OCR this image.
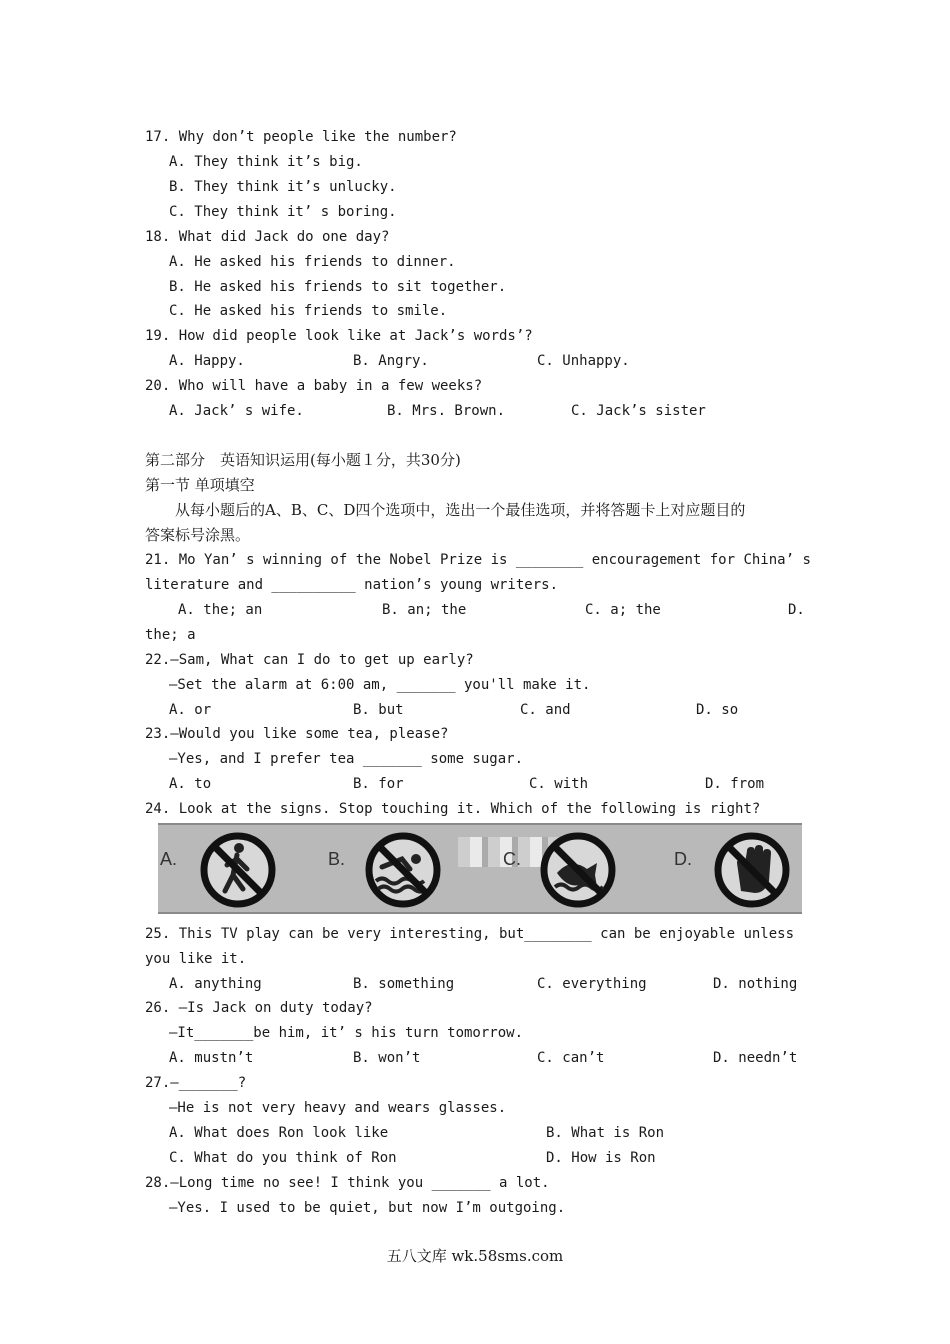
17. Why don’t people like the number?
A. They think it’s big.
B. They think it’s unlucky.
C. They think it’ s boring.
18. What did Jack do one day?
A. He asked his friends to dinner.
B. He asked his friends to sit together.
C. He asked his friends to smile.
19. How did people look like at Jack’s words’?
A. Happy.	B. Angry.	C. Unhappy.
20. Who will have a baby in a few weeks?
A. Jack’ s wife.	B. Mrs. Brown.	C. Jack’s sister
第二部分　英语知识运用(每小题１分，共30分)
第一节 单项填空
　　从每小题后的A、B、C、D四个选项中，选出一个最佳选项，并将答题卡上对应题目的
答案标号涂黑。
21. Mo Yan’ s winning of the Nobel Prize is ________ encouragement for China’ s
literature and __________ nation’s young writers.
A. the; an	B. an; the	C. a; the	D.
the; a
22.—Sam, What can I do to get up early?
—Set the alarm at 6:00 am, _______ you'll make it.
A. or	B. but	C. and	D. so
23.—Would you like some tea, please?
—Yes, and I prefer tea _______ some sugar.
A. to	B. for	C. with	D. from
24. Look at the signs. Stop touching it. Which of the following is right?
A.	B.	C.	D.
25. This TV play can be very interesting, but________ can be enjoyable unless
you like it.
A. anything	B. something	C. everything	D. nothing
26. —Is Jack on duty today?
—It_______be him, it’ s his turn tomorrow.
A. mustn’t	B. won’t	C. can’t	D. needn’t
27.—_______?
—He is not very heavy and wears glasses.
A. What does Ron look like	B. What is Ron
C. What do you think of Ron	D. How is Ron
28.—Long time no see! I think you _______ a lot.
—Yes. I used to be quiet, but now I’m outgoing.
五八文库 wk.58sms.com
